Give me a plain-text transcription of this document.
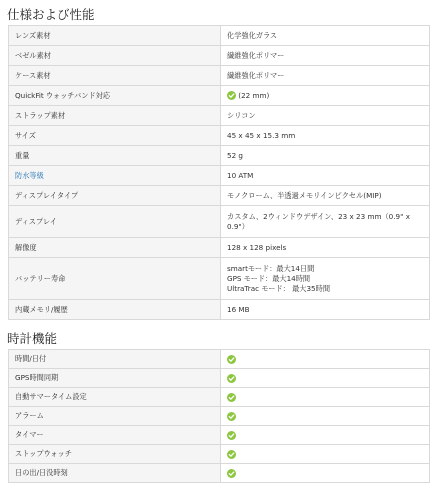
仕様および性能
レンズ素材	化学強化ガラス
ベゼル素材	繊維強化ポリマー
ケース素材	繊維強化ポリマー
QuickFit ウォッチバンド対応	(22 mm)
ストラップ素材	シリコン
サイズ	45 x 45 x 15.3 mm
重量	52 g
防水等級	10 ATM
ディスプレイタイプ	モノクローム、半透過メモリインピクセル(MIP)
ディスプレイ	カスタム、2ウィンドウデザイン、23 x 23 mm（0.9" x
0.9"）

解像度	128 x 128 pixels
バッテリー寿命	smartモード：最大14日間
GPS モード：最大14時間
UltraTrac モード： 最大35時間

内蔵メモリ/履歴	16 MB
時計機能
時間/日付	

GPS時間同期	

自動サマータイム設定	

アラーム	

タイマー	

ストップウォッチ	

日の出/日没時刻	
